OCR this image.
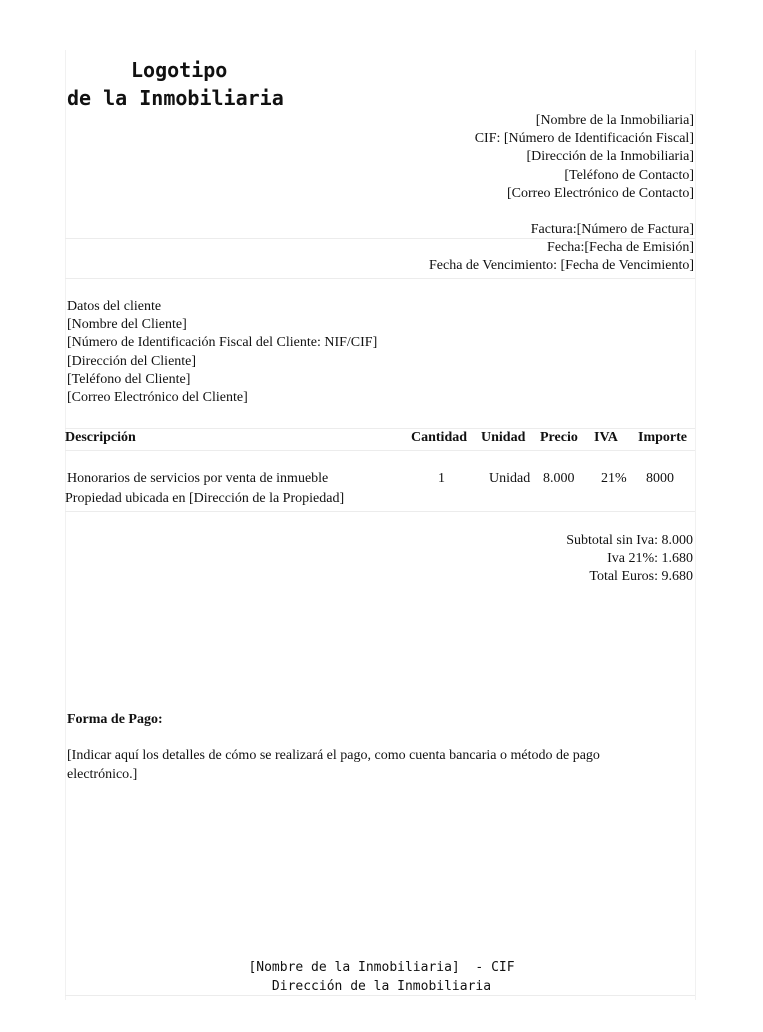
Logotipo
de la Inmobiliaria
[Nombre de la Inmobiliaria]
CIF: [Número de Identificación Fiscal]
[Dirección de la Inmobiliaria]
[Teléfono de Contacto]
[Correo Electrónico de Contacto]
Factura:[Número de Factura]
Fecha:[Fecha de Emisión]
Fecha de Vencimiento: [Fecha de Vencimiento]
Datos del cliente
[Nombre del Cliente]
[Número de Identificación Fiscal del Cliente: NIF/CIF]
[Dirección del Cliente]
[Teléfono del Cliente]
[Correo Electrónico del Cliente]
Descripción	Cantidad Unidad Precio IVA Importe
Honorarios de servicios por venta de inmueble
Propiedad ubicada en [Dirección de la Propiedad]
1	Unidad 8.000 21% 8000
Subtotal sin Iva: 8.000
Iva 21%: 1.680
Total Euros: 9.680
Forma de Pago:
[Indicar aquí los detalles de cómo se realizará el pago, como cuenta bancaria o método de pago
electrónico.]
[Nombre de la Inmobiliaria]  - CIF
Dirección de la Inmobiliaria
